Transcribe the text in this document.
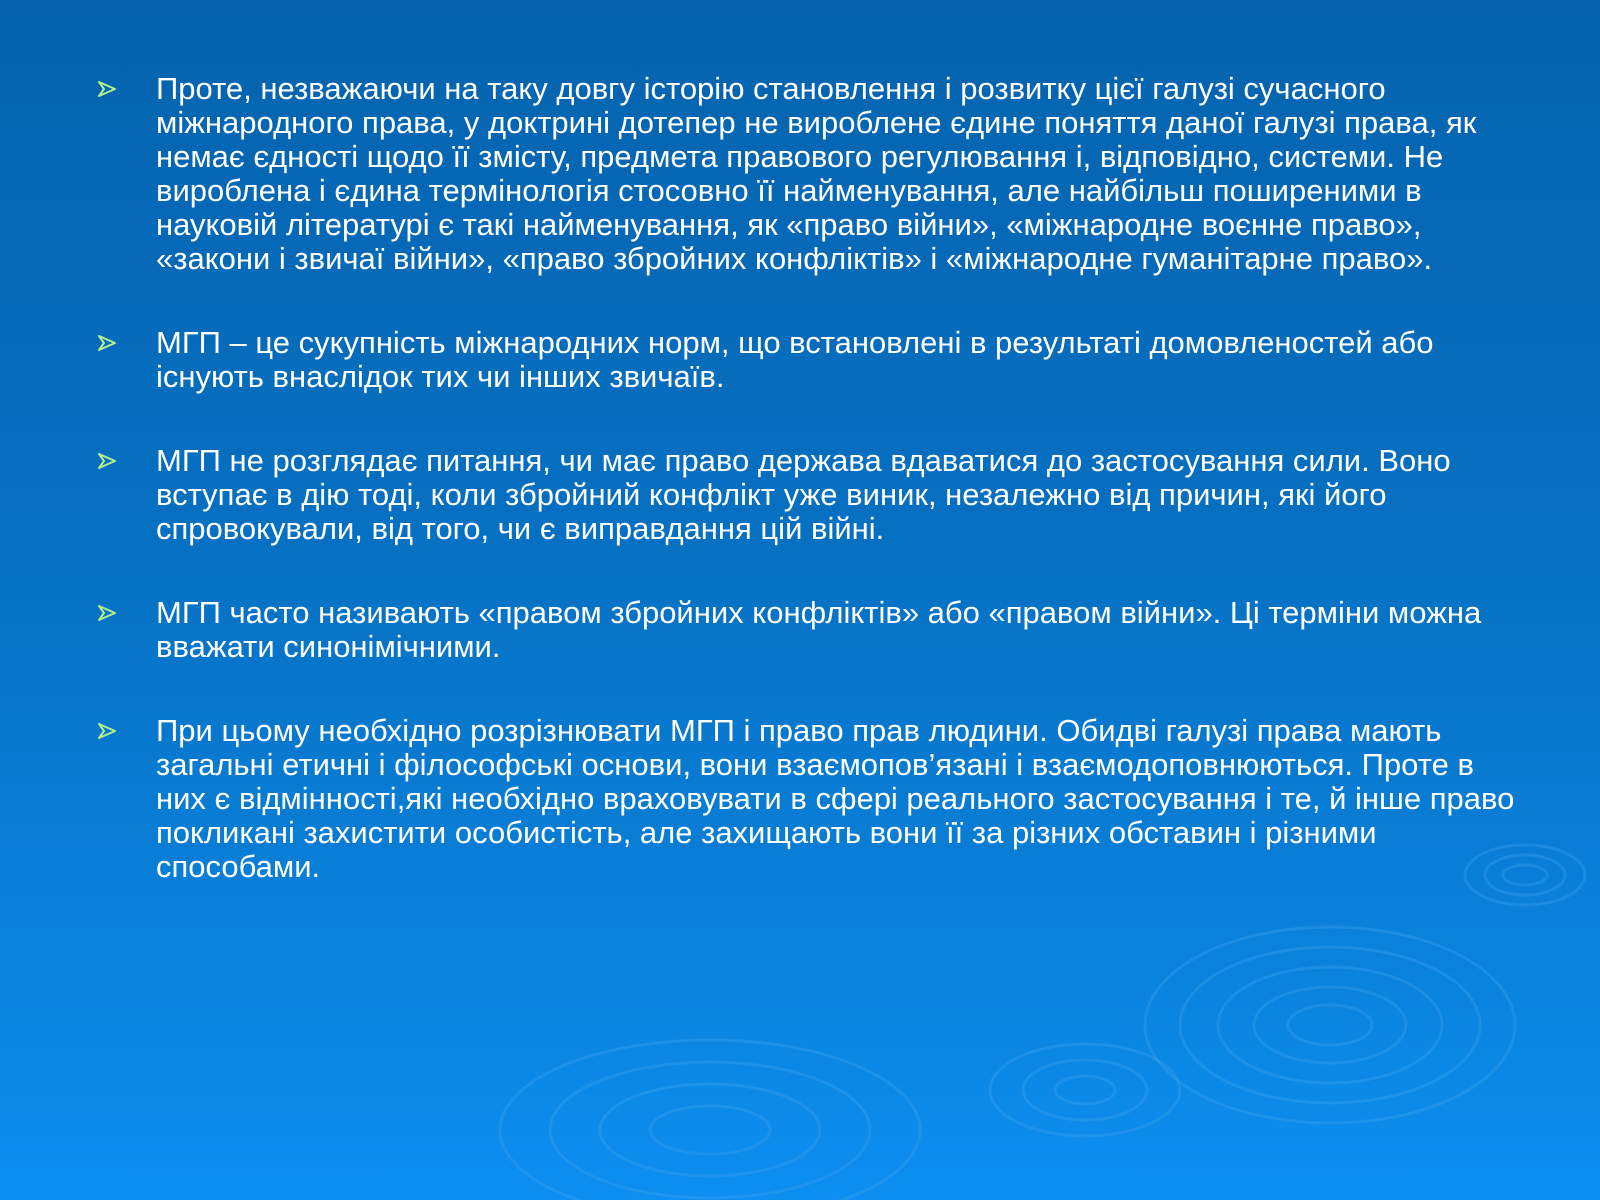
Проте, незважаючи на таку довгу історію становлення і розвитку цієї галузі сучасного міжнародного права, у доктрині дотепер не вироблене єдине поняття даної галузі права, як немає єдності щодо її змісту, предмета правового регулювання і, відповідно, системи. Не вироблена і єдина термінологія стосовно її найменування, але найбільш поширеними в науковій літературі є такі найменування, як «право війни», «міжнародне воєнне право», «закони і звичаї війни», «право збройних конфліктів» і «міжнародне гуманітарне право».
МГП – це сукупність міжнародних норм, що встановлені в результаті домовленостей або існують внаслідок тих чи інших звичаїв.
МГП не розглядає питання, чи має право держава вдаватися до застосування сили. Воно вступає в дію тоді, коли збройний конфлікт уже виник, незалежно від причин, які його спровокували, від того, чи є виправдання цій війні.
МГП часто називають «правом збройних конфліктів» або «правом війни». Ці терміни можна вважати синонімічними.
При цьому необхідно розрізнювати МГП і право прав людини. Обидві галузі права мають загальні етичні і філософські основи, вони взаємопов’язані і взаємодоповнюються. Проте в них є відмінності,які необхідно враховувати в сфері реального застосування і те, й інше право покликані захистити особистість, але захищають вони її за різних обставин і різними способами.
